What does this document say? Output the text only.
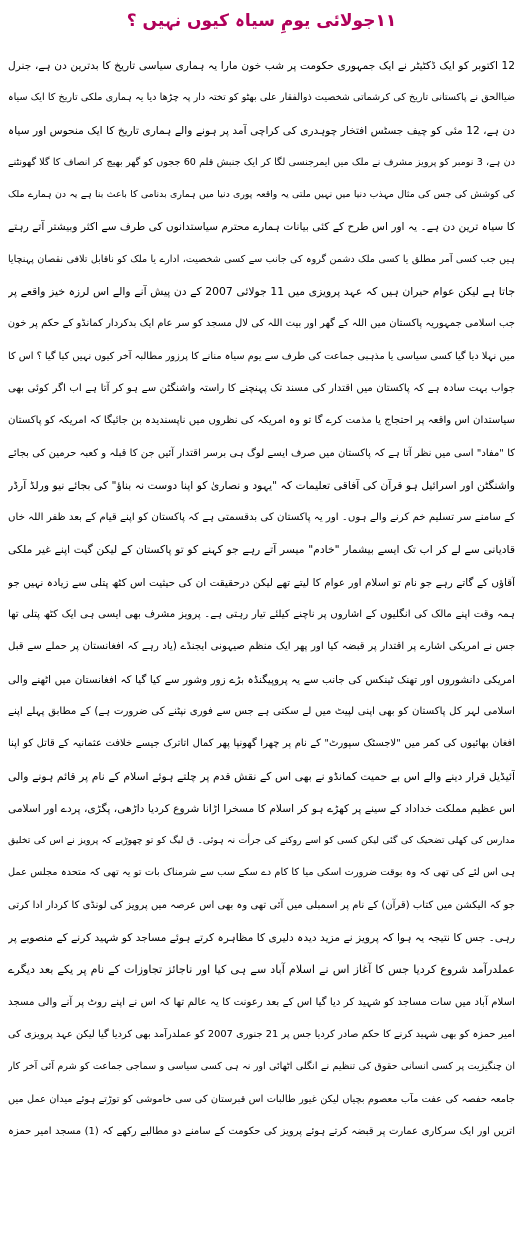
۱۱جولائی یومِ سیاہ کیوں نہیں ؟
12 اکتوبر کو ایک ڈکٹیٹر نے ایک جمہوری حکومت پر شب خون مارا یہ ہماری سیاسی تاریخ کا بدترین دن ہے، جنرل
ضیاالحق نے پاکستانی تاریخ کی کرشماتی شخصیت ذوالفقار علی بھٹو کو تختہ دار پہ چڑھا دیا یہ ہماری ملکی تاریخ کا ایک سیاہ
دن ہے، 12 مئی کو چیف جسٹس افتخار چوہدری کی کراچی آمد پر ہونے والے ہماری تاریخ کا ایک منحوس اور سیاہ
دن ہے، 3 نومبر کو پرویز مشرف نے ملک میں ایمرجنسی لگا کر ایک جنبش قلم 60 ججوں کو گھر بھیج کر انصاف کا گلا گھونٹنے
کی کوشش کی جس کی مثال مہذب دنیا میں نہیں ملتی یہ واقعہ پوری دنیا میں ہماری بدنامی کا باعث بنا ہے یہ دن ہمارے ملک
کا سیاہ ترین دن ہے۔ یہ اور اس طرح کے کئی بیانات ہمارے محترم سیاستدانوں کی طرف سے اکثر وبیشتر آتے رہتے
ہیں جب کسی آمر مطلق یا کسی ملک دشمن گروہ کی جانب سے کسی شخصیت، ادارے یا ملک کو ناقابل تلافی نقصان پہنچایا
جاتا ہے لیکن عوام حیران ہیں کہ عہد پرویزی میں 11 جولائی 2007 کے دن پیش آنے والے اس لرزہ خیز واقعے پر
جب اسلامی جمہوریہ پاکستان میں اللہ کے گھر اور بیت اللہ کی لال مسجد کو سر عام ایک بدکردار کمانڈو کے حکم پر خون
میں نہلا دیا گیا کسی سیاسی یا مذہبی جماعت کی طرف سے یوم سیاہ منانے کا پرزور مطالبہ آخر کیوں نہیں کیا گیا ؟ اس کا
جواب بہت سادہ ہے کہ پاکستان میں اقتدار کی مسند تک پہنچنے کا راستہ واشنگٹن سے ہو کر آتا ہے اب اگر کوئی بھی
سیاستدان اس واقعہ پر احتجاج یا مذمت کرے گا تو وہ امریکہ کی نظروں میں ناپسندیدہ بن جائیگا کہ امریکہ کو پاکستان
کا "مفاد" اسی میں نظر آتا ہے کہ پاکستان میں صرف ایسے لوگ ہی برسر اقتدار آئیں جن کا قبلہ و کعبہ حرمین کی بجائے
واشنگٹن اور اسرائیل ہو قرآن کی آفاقی تعلیمات کہ "یہود و نصاریٰ کو اپنا دوست نہ بناؤ" کی بجائے نیو ورلڈ آرڈر
کے سامنے سر تسلیم خم کرنے والے ہوں۔ اور یہ پاکستان کی بدقسمتی ہے کہ پاکستان کو اپنے قیام کے بعد ظفر اللہ خاں
قادیانی سے لے کر اب تک ایسے بیشمار "خادم" میسر آتے رہے جو کہنے کو تو پاکستان کے لیکن گیت اپنے غیر ملکی
آقاؤں کے گاتے رہے جو نام تو اسلام اور عوام کا لیتے تھے لیکن درحقیقت ان کی حیثیت اس کٹھ پتلی سے زیادہ نہیں جو
ہمہ وقت اپنے مالک کی انگلیوں کے اشاروں پر ناچنے کیلئے تیار رہتی ہے۔ پرویز مشرف بھی ایسی ہی ایک کٹھ پتلی تھا
جس نے امریکی اشارے پر اقتدار پر قبضہ کیا اور پھر ایک منظم صیہونی ایجنڈے (یاد رہے کہ افغانستان پر حملے سے قبل
امریکی دانشوروں اور تھنک ٹینکس کی جانب سے یہ پروپیگنڈہ بڑے زور وشور سے کیا گیا کہ افغانستان میں اٹھنے والی
اسلامی لہر کل پاکستان کو بھی اپنی لپیٹ میں لے سکتی ہے جس سے فوری نپٹنے کی ضرورت ہے) کے مطابق پہلے اپنے
افغان بھائیوں کی کمر میں "لاجسٹک سپورٹ" کے نام پر چھرا گھونپا پھر کمال اتاترک جیسے خلافت عثمانیہ کے قاتل کو اپنا
آئیڈیل قرار دینے والے اس بے حمیت کمانڈو نے بھی اس کے نقش قدم پر چلتے ہوئے اسلام کے نام پر قائم ہونے والی
اس عظیم مملکت خداداد کے سینے پر کھڑے ہو کر اسلام کا مسخرا اڑانا شروع کردیا داڑھی، پگڑی، پردے اور اسلامی
مدارس کی کھلی تضحیک کی گئی لیکن کسی کو اسے روکنے کی جرأت نہ ہوئی۔ ق لیگ کو تو چھوڑیے کہ پرویز نے اس کی تخلیق
ہی اس لئے کی تھی کہ وہ بوقت ضرورت اسکی میا کا کام دے سکے سب سے شرمناک بات تو یہ تھی کہ متحدہ مجلس عمل
جو کہ الیکشن میں کتاب (قرآن) کے نام پر اسمبلی میں آئی تھی وہ بھی اس عرصہ میں پرویز کی لونڈی کا کردار ادا کرتی
رہی۔ جس کا نتیجہ یہ ہوا کہ پرویز نے مزید دیدہ دلیری کا مظاہرہ کرتے ہوئے مساجد کو شہید کرنے کے منصوبے پر
عملدرآمد شروع کردیا جس کا آغاز اس نے اسلام آباد سے ہی کیا اور ناجائز تجاوزات کے نام پر یکے بعد دیگرے
اسلام آباد میں سات مساجد کو شہید کر دیا گیا اس کے بعد رعونت کا یہ عالم تھا کہ اس نے اپنے روٹ پر آنے والی مسجد
امیر حمزہ کو بھی شہید کرنے کا حکم صادر کردیا جس پر 21 جنوری 2007 کو عملدرآمد بھی کردیا گیا لیکن عہد پرویزی کی
ان چنگیزیت پر کسی انسانی حقوق کی تنظیم نے انگلی اٹھائی اور نہ ہی کسی سیاسی و سماجی جماعت کو شرم آئی آخر کار
جامعہ حفصہ کی عفت مآب معصوم بچیاں لیکن غیور طالبات اس قبرستان کی سی خاموشی کو توڑتے ہوئے میدان عمل میں
اتریں اور ایک سرکاری عمارت پر قبضہ کرتے ہوئے پرویز کی حکومت کے سامنے دو مطالبے رکھے کہ (1) مسجد امیر حمزہ
